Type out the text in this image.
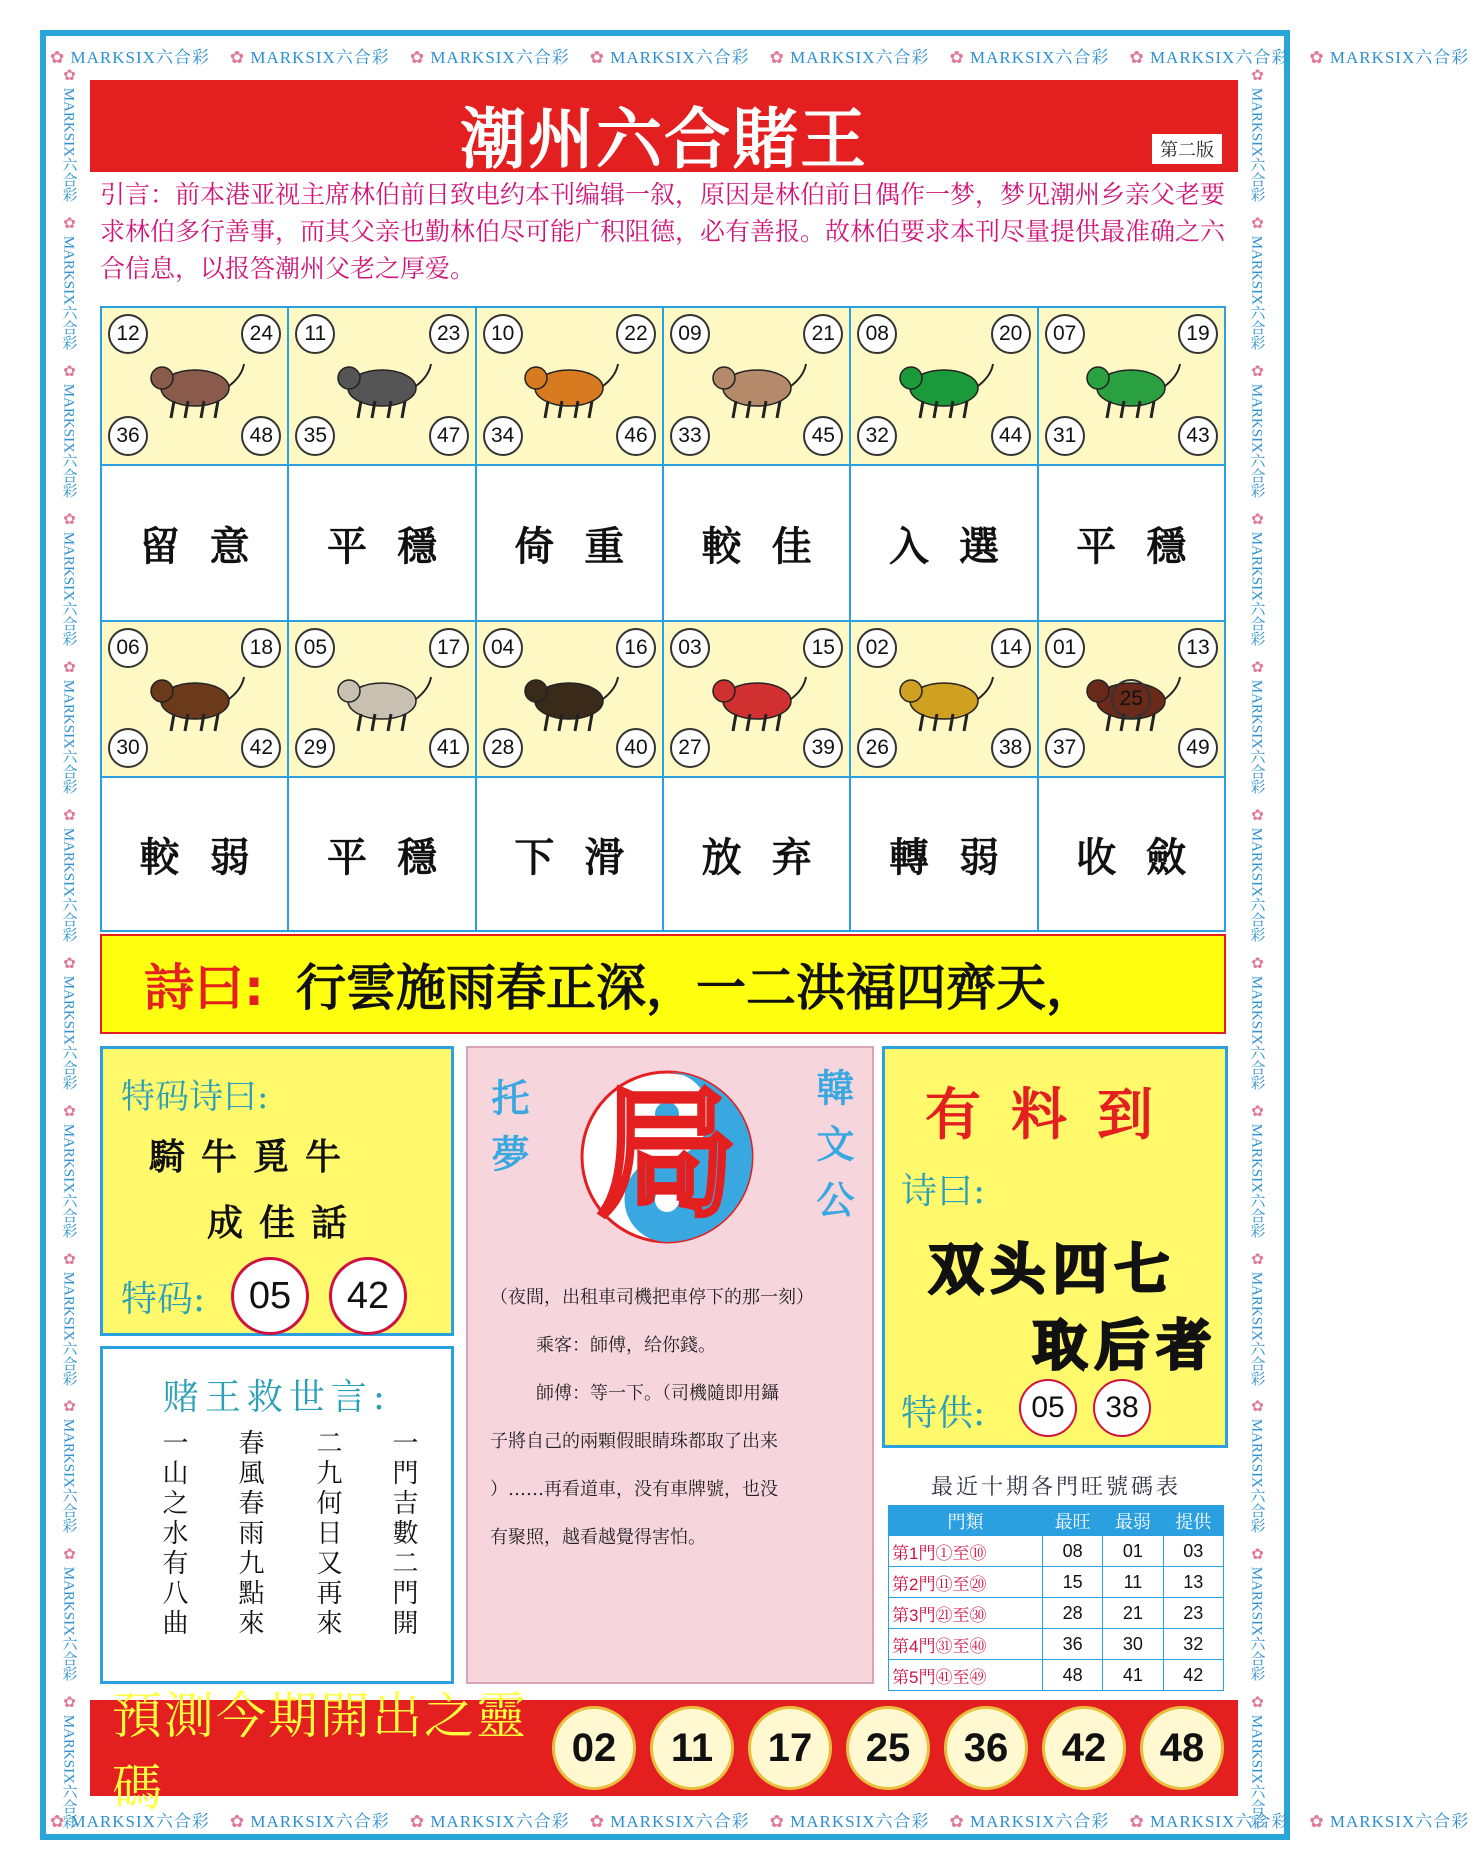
✿ MARKSIX六合彩	✿ MARKSIX六合彩	✿ MARKSIX六合彩	✿ MARKSIX六合彩	✿ MARKSIX六合彩	✿ MARKSIX六合彩	✿ MARKSIX六合彩	✿ MARKSIX六合彩
✿ MARKSIX六合彩	✿ MARKSIX六合彩	✿ MARKSIX六合彩	✿ MARKSIX六合彩	✿ MARKSIX六合彩	✿ MARKSIX六合彩	✿ MARKSIX六合彩	✿ MARKSIX六合彩
✿ MARKSIX六合彩
✿ MARKSIX六合彩
✿ MARKSIX六合彩
✿ MARKSIX六合彩
✿ MARKSIX六合彩
✿ MARKSIX六合彩
✿ MARKSIX六合彩
✿ MARKSIX六合彩
✿ MARKSIX六合彩
✿ MARKSIX六合彩
✿ MARKSIX六合彩
✿ MARKSIX六合彩
✿ MARKSIX六合彩
✿ MARKSIX六合彩
✿ MARKSIX六合彩
✿ MARKSIX六合彩
✿ MARKSIX六合彩
✿ MARKSIX六合彩
✿ MARKSIX六合彩
✿ MARKSIX六合彩
✿ MARKSIX六合彩
✿ MARKSIX六合彩
✿ MARKSIX六合彩
✿ MARKSIX六合彩
潮州六合賭王	第二版
引言：前本港亚视主席林伯前日致电约本刊编辑一叙，原因是林伯前日偶作一梦，梦见潮州乡亲父老要求林伯多行善事，而其父亲也勤林伯尽可能广积阻德，必有善报。故林伯要求本刊尽量提供最准确之六合信息，以报答潮州父老之厚爱。
12	24
36	48
11	23
35	47
10	22
34	46
09	21
33	45
08	20
32	44
07	19
31	43
留意	平穩	倚重	較佳	入選	平穩
06	18
30	42
05	17
29	41
04	16
28	40
03	15
27	39
02	14
26	38
01	13
37	49
25
較弱	平穩	下滑	放弃	轉弱	收斂
詩曰: 行雲施雨春正深，一二洪福四齊天，
特码诗曰:
騎牛覓牛
成佳話
特码:	05	42
托夢	韓文公
局

（夜間，出租車司機把車停下的那一刻）

乘客：師傅，给你錢。

師傅：等一下。（司機隨即用鑷

子將自己的兩顆假眼睛珠都取了出来

）……再看道車，没有車牌號，也没

有聚照，越看越覺得害怕。

有料到
诗曰:
双头四七
取后者
特供:	05	38
赌王救世言:
一門吉數二門開
二九何日又再來
春風春雨九點來
一山之水有八曲	最近十期各門旺號碼表
門類	最旺	最弱	提供
第1門①至⑩	08	01	03
第2門⑪至⑳	15	11	13
第3門㉑至㉚	28	21	23
第4門㉛至㊵	36	30	32
第5門㊶至㊾	48	41	42
預測今期開出之靈碼
02	11	17	25	36	42	48
